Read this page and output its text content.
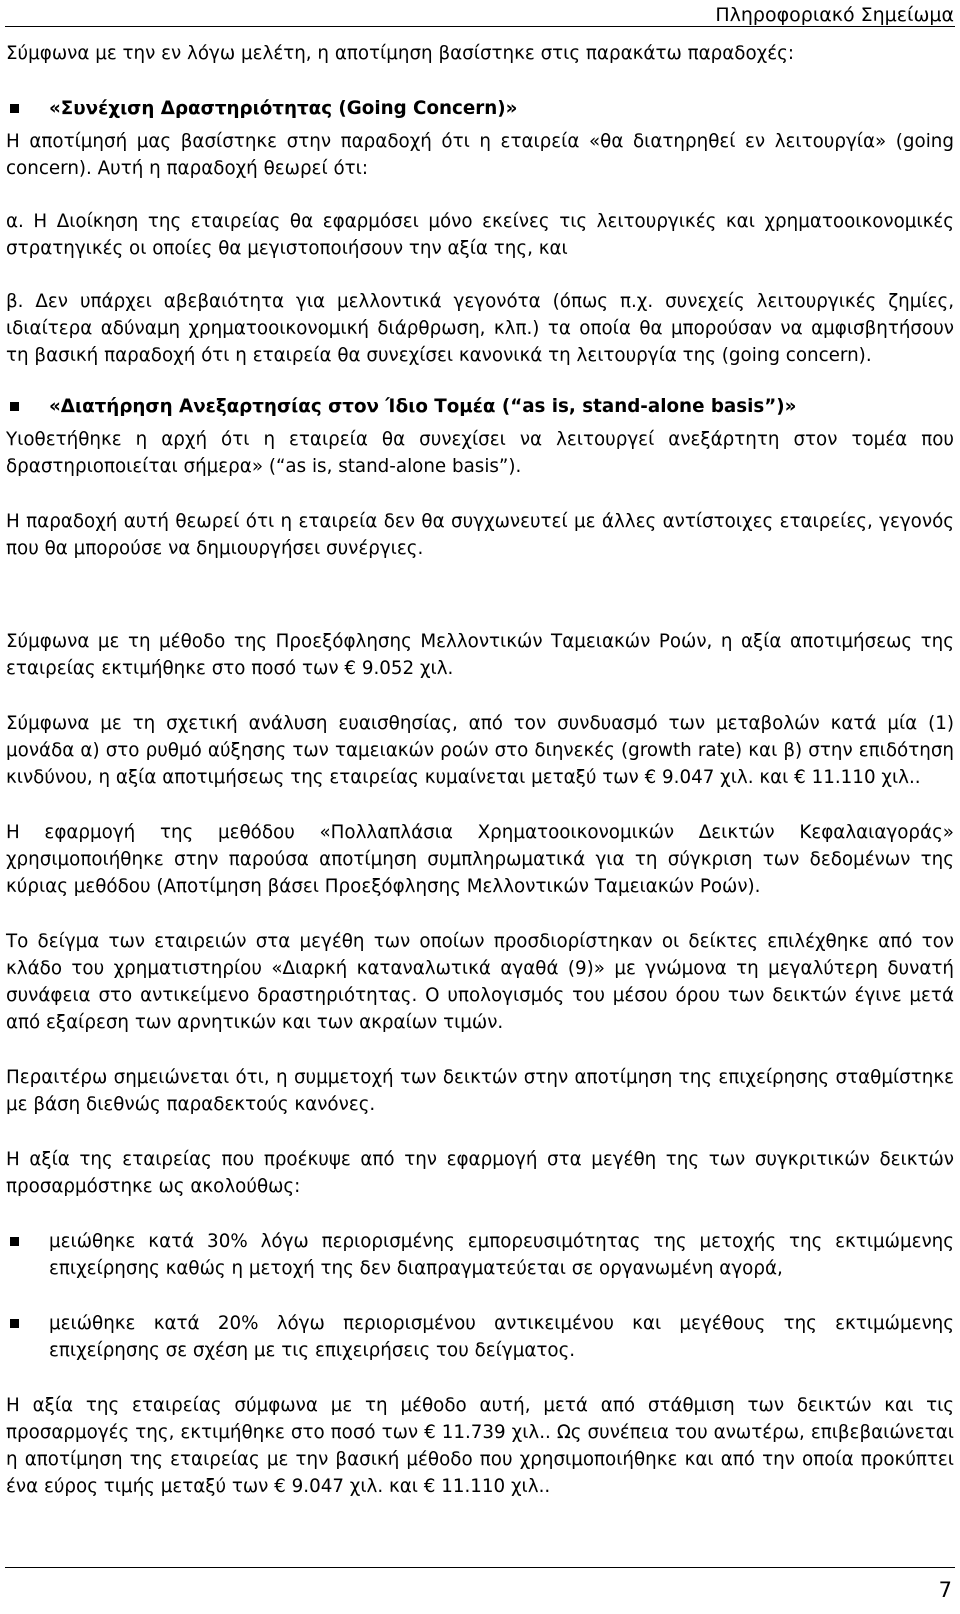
Πληροφοριακό Σημείωμα

Σύμφωνα με την εν λόγω μελέτη, η αποτίμηση βασίστηκε στις παρακάτω παραδοχές:

«Συνέχιση Δραστηριότητας (Going Concern)»

Η αποτίμησή μας βασίστηκε στην παραδοχή ότι η εταιρεία «θα διατηρηθεί εν λειτουργία» (going concern). Αυτή η παραδοχή θεωρεί ότι:

α. Η Διοίκηση της εταιρείας θα εφαρμόσει μόνο εκείνες τις λειτουργικές και χρηματοοικονομικές στρατηγικές οι οποίες θα μεγιστοποιήσουν την αξία της, και

β. Δεν υπάρχει αβεβαιότητα για μελλοντικά γεγονότα (όπως π.χ. συνεχείς λειτουργικές ζημίες, ιδιαίτερα αδύναμη χρηματοοικονομική διάρθρωση, κλπ.) τα οποία θα μπορούσαν να αμφισβητήσουν τη βασική παραδοχή ότι η εταιρεία θα συνεχίσει κανονικά τη λειτουργία της (going concern).

«Διατήρηση Ανεξαρτησίας στον Ίδιο Τομέα (“as is, stand-alone basis”)»

Υιοθετήθηκε η αρχή ότι η εταιρεία θα συνεχίσει να λειτουργεί ανεξάρτητη στον τομέα που δραστηριοποιείται σήμερα» (“as is, stand-alone basis”).

Η παραδοχή αυτή θεωρεί ότι η εταιρεία δεν θα συγχωνευτεί με άλλες αντίστοιχες εταιρείες, γεγονός που θα μπορούσε να δημιουργήσει συνέργιες.

Σύμφωνα με τη μέθοδο της Προεξόφλησης Μελλοντικών Ταμειακών Ροών, η αξία αποτιμήσεως της εταιρείας εκτιμήθηκε στο ποσό των € 9.052 χιλ.

Σύμφωνα με τη σχετική ανάλυση ευαισθησίας, από τον συνδυασμό των μεταβολών κατά μία (1) μονάδα α) στο ρυθμό αύξησης των ταμειακών ροών στο διηνεκές (growth rate) και β) στην επιδότηση κινδύνου, η αξία αποτιμήσεως της εταιρείας κυμαίνεται μεταξύ των € 9.047 χιλ. και € 11.110 χιλ..

Η εφαρμογή της μεθόδου «Πολλαπλάσια Χρηματοοικονομικών Δεικτών Κεφαλαιαγοράς» χρησιμοποιήθηκε στην παρούσα αποτίμηση συμπληρωματικά για τη σύγκριση των δεδομένων της κύριας μεθόδου (Αποτίμηση βάσει Προεξόφλησης Μελλοντικών Ταμειακών Ροών).

Το δείγμα των εταιρειών στα μεγέθη των οποίων προσδιορίστηκαν οι δείκτες επιλέχθηκε από τον κλάδο του χρηματιστηρίου «Διαρκή καταναλωτικά αγαθά (9)» με γνώμονα τη μεγαλύτερη δυνατή συνάφεια στο αντικείμενο δραστηριότητας. Ο υπολογισμός του μέσου όρου των δεικτών έγινε μετά από εξαίρεση των αρνητικών και των ακραίων τιμών.

Περαιτέρω σημειώνεται ότι, η συμμετοχή των δεικτών στην αποτίμηση της επιχείρησης σταθμίστηκε με βάση διεθνώς παραδεκτούς κανόνες.

Η αξία της εταιρείας που προέκυψε από την εφαρμογή στα μεγέθη της των συγκριτικών δεικτών προσαρμόστηκε ως ακολούθως:

μειώθηκε κατά 30% λόγω περιορισμένης εμπορευσιμότητας της μετοχής της εκτιμώμενης επιχείρησης καθώς η μετοχή της δεν διαπραγματεύεται σε οργανωμένη αγορά,
μειώθηκε κατά 20% λόγω περιορισμένου αντικειμένου και μεγέθους της εκτιμώμενης επιχείρησης σε σχέση με τις επιχειρήσεις του δείγματος.

Η αξία της εταιρείας σύμφωνα με τη μέθοδο αυτή, μετά από στάθμιση των δεικτών και τις προσαρμογές της, εκτιμήθηκε στο ποσό των € 11.739 χιλ.. Ως συνέπεια του ανωτέρω, επιβεβαιώνεται η αποτίμηση της εταιρείας με την βασική μέθοδο που χρησιμοποιήθηκε και από την οποία προκύπτει ένα εύρος τιμής μεταξύ των € 9.047 χιλ. και € 11.110 χιλ..

7
